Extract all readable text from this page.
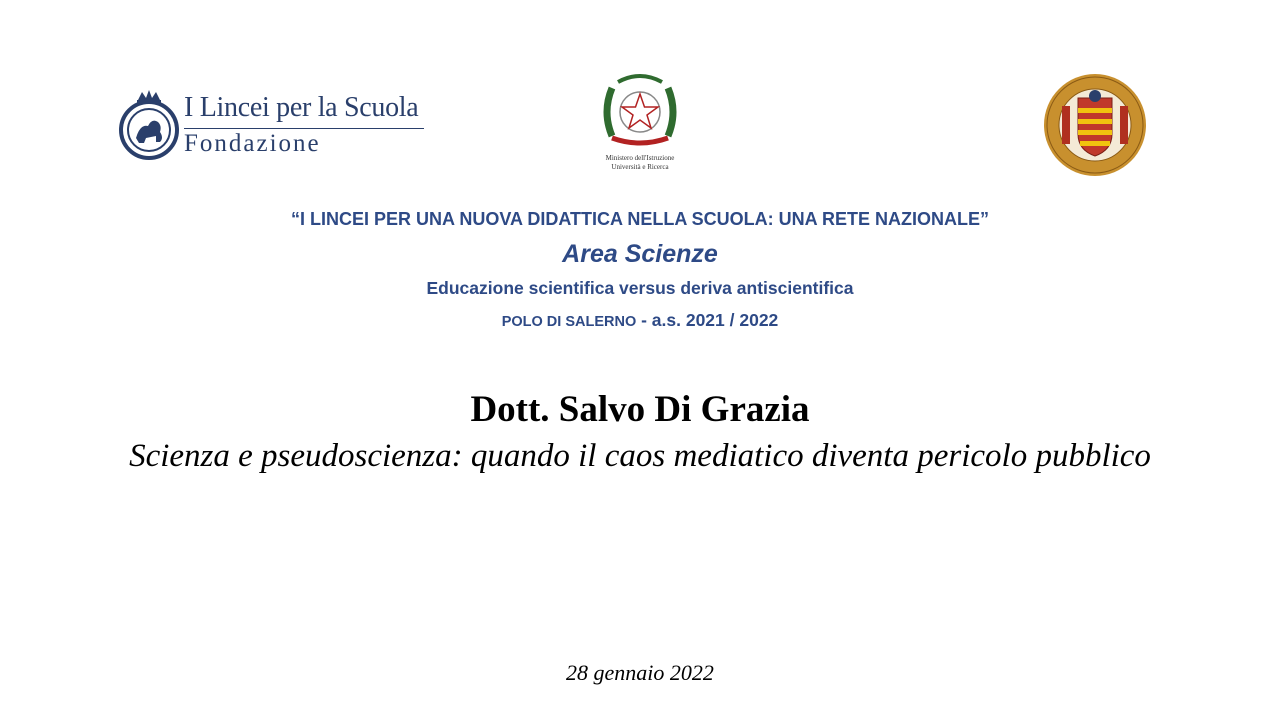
I Lincei per la Scuola
Fondazione
Ministero dell'Istruzione
Università e Ricerca
“I LINCEI PER UNA NUOVA DIDATTICA NELLA SCUOLA: UNA RETE NAZIONALE”
Area Scienze
Educazione scientifica versus deriva antiscientifica
POLO DI SALERNO - a.s. 2021 / 2022
Dott. Salvo Di Grazia
Scienza e pseudoscienza: quando il caos mediatico diventa pericolo pubblico
28 gennaio 2022
